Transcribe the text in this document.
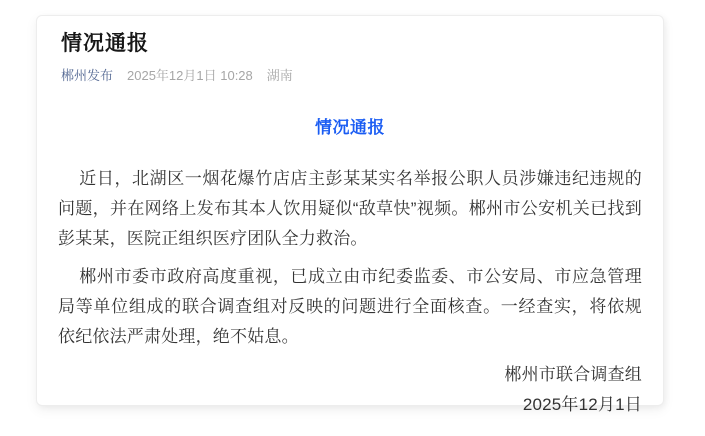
情况通报
郴州发布 2025年12月1日 10:28 湖南
情况通报

近日，北湖区一烟花爆竹店店主彭某某实名举报公职人员涉嫌违纪违规的问题，并在网络上发布其本人饮用疑似“敌草快”视频。郴州市公安机关已找到彭某某，医院正组织医疗团队全力救治。

郴州市委市政府高度重视，已成立由市纪委监委、市公安局、市应急管理局等单位组成的联合调查组对反映的问题进行全面核查。一经查实，将依规依纪依法严肃处理，绝不姑息。

郴州市联合调查组
2025年12月1日
